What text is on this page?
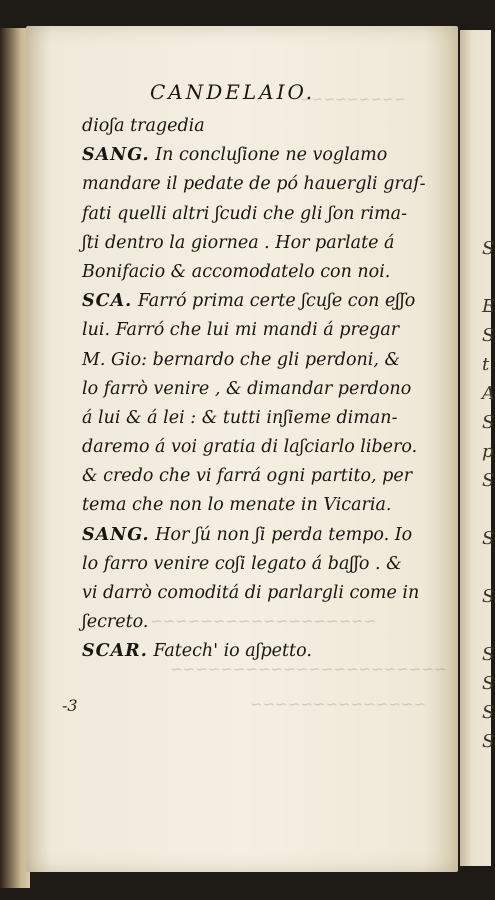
S
E
S
t
A
S
p
S
S
S
S
S
S
S
~~~~~~~~~
~~~~~~~~~~~~~~~~~~
~~~~~~~~~~~~~~~~~~~~~~
~~~~~~~~~~~~~~
CANDELAIO.
dioʃa tragedia
SANG. In concluʃione ne voglamo
mandare il pedate de pó hauergli graſ-
fati quelli altri ʃcudi che gli ʃon rima-
ʃti dentro la giornea . Hor parlate á
Bonifacio & accomodatelo con noi.
SCA. Farró prima certe ʃcuʃe con eʃʃo
lui. Farró che lui mi mandi á pregar
M. Gio: bernardo che gli perdoni, &
lo farrò venire , & dimandar perdono
á lui & á lei : & tutti inʃieme diman-
daremo á voi gratia di laʃciarlo libero.
& credo che vi farrá ogni partito, per
tema che non lo menate in Vicaria.
SANG. Hor ʃú non ʃi perda tempo. Io
lo farro venire coʃi legato á baʃʃo . &
vi darrò comoditá di parlargli come in
ʃecreto.
SCAR. Fatech' io aʃpetto.
-3
